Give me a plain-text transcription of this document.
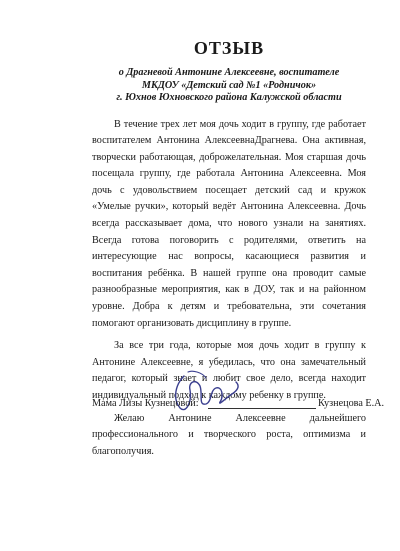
ОТЗЫВ
о Драгневой Антонине Алексеевне, воспитателе
МКДОУ «Детский сад №1 «Родничок»
г. Юхнов Юхновского района Калужской области

В течение трех лет моя дочь ходит в группу, где работает воспитателем Антонина АлексеевнаДрагнева. Она активная, творчески работающая, доброжелательная. Моя старшая дочь посещала группу, где работала Антонина Алексеевна. Моя дочь с удовольствием посещает детский сад и кружок «Умелые ручки», который ведёт Антонина Алексеевна. Дочь всегда рассказывает дома, что нового узнали на занятиях. Всегда готова поговорить с родителями, ответить на интересующие нас вопросы, касающиеся развития и воспитания ребёнка. В нашей группе она проводит самые разнообразные мероприятия, как в ДОУ, так и на районном уровне. Добра к детям и требовательна, эти сочетания помогают организовать дисциплину в группе.

За все три года, которые моя дочь ходит в группу к Антонине Алексеевне, я убедилась, что она замечательный педагог, который знает и любит свое дело, всегда находит индивидуальный подход к каждому ребенку в группе.

Желаю Антонине Алексеевне дальнейшего профессионального и творческого роста, оптимизма и благополучия.

Мама Лизы Кузнецовой:	Кузнецова Е.А.
